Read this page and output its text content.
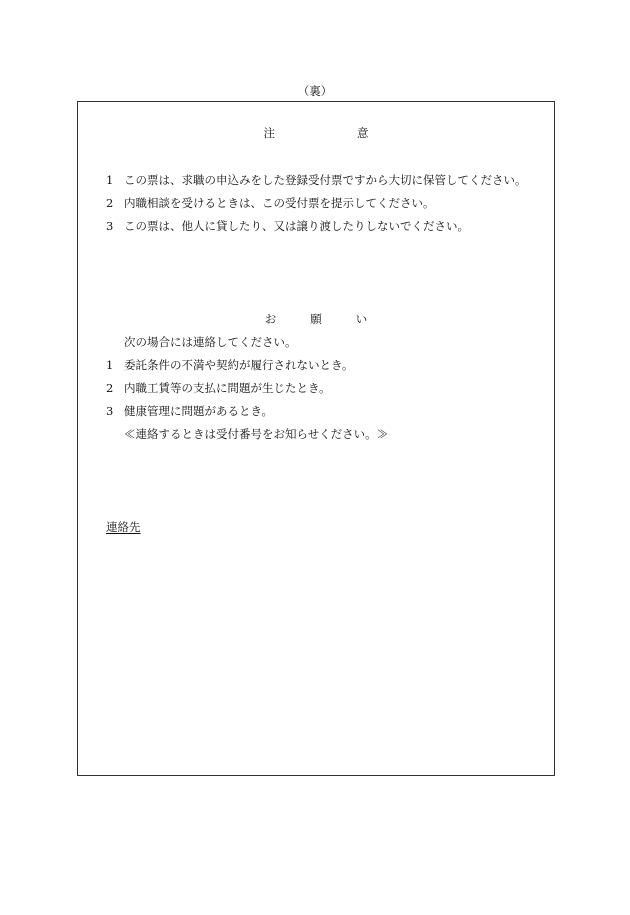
（裏）
注	意
1 この票は、求職の申込みをした登録受付票ですから大切に保管してください。
2 内職相談を受けるときは、この受付票を提示してください。
3 この票は、他人に貸したり、又は譲り渡したりしないでください。
お	願	い
次の場合には連絡してください。
1 委託条件の不満や契約が履行されないとき。
2 内職工賃等の支払に問題が生じたとき。
3 健康管理に問題があるとき。
≪連絡するときは受付番号をお知らせください。≫
連絡先
